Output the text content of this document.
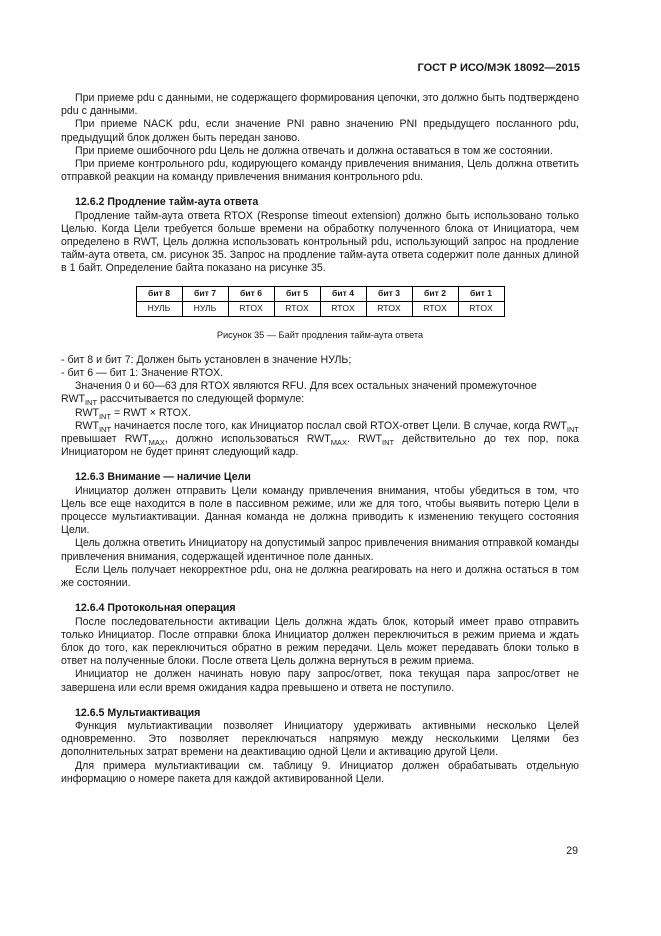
ГОСТ Р ИСО/МЭК 18092—2015

При приеме pdu с данными, не содержащего формирования цепочки, это должно быть подтверждено pdu с данными.

При приеме NACK pdu, если значение PNI равно значению PNI предыдущего посланного pdu, предыдущий блок должен быть передан заново.

При приеме ошибочного pdu Цель не должна отвечать и должна оставаться в том же состоянии.

При приеме контрольного pdu, кодирующего команду привлечения внимания, Цель должна ответить отправкой реакции на команду привлечения внимания контрольного pdu.

12.6.2 Продление тайм-аута ответа

Продление тайм-аута ответа RTOX (Response timeout extension) должно быть использовано только Целью. Когда Цели требуется больше времени на обработку полученного блока от Инициатора, чем определено в RWT, Цель должна использовать контрольный pdu, использующий запрос на продление тайм-аута ответа, см. рисунок 35. Запрос на продление тайм-аута ответа содержит поле данных длиной в 1 байт. Определение байта показано на рисунке 35.

бит 8	бит 7	бит 6	бит 5	бит 4	бит 3	бит 2	бит 1
НУЛЬ	НУЛЬ	RTOX	RTOX	RTOX	RTOX	RTOX	RTOX
Рисунок 35 — Байт продления тайм-аута ответа

- бит 8 и бит 7: Должен быть установлен в значение НУЛЬ;

- бит 6 — бит 1: Значение RTOX.

Значения 0 и 60—63 для RTOX являются RFU. Для всех остальных значений промежуточное

$RWT_{INT}$ рассчитывается по следующей формуле:

$RWT_{INT}$ = RWT × RTOX.

$RWT_{INT}$ начинается после того, как Инициатор послал свой RTOX-ответ Цели. В случае, когда $RWT_{INT}$ превышает $RWT_{MAX}$, должно использоваться $RWT_{MAX}$. $RWT_{INT}$ действительно до тех пор, пока Инициатором не будет принят следующий кадр.

12.6.3 Внимание — наличие Цели

Инициатор должен отправить Цели команду привлечения внимания, чтобы убедиться в том, что Цель все еще находится в поле в пассивном режиме, или же для того, чтобы выявить потерю Цели в процессе мультиактивации. Данная команда не должна приводить к изменению текущего состояния Цели.

Цель должна ответить Инициатору на допустимый запрос привлечения внимания отправкой команды привлечения внимания, содержащей идентичное поле данных.

Если Цель получает некорректное pdu, она не должна реагировать на него и должна остаться в том же состоянии.

12.6.4 Протокольная операция

После последовательности активации Цель должна ждать блок, который имеет право отправить только Инициатор. После отправки блока Инициатор должен переключиться в режим приема и ждать блок до того, как переключиться обратно в режим передачи. Цель может передавать блоки только в ответ на полученные блоки. После ответа Цель должна вернуться в режим приема.

Инициатор не должен начинать новую пару запрос/ответ, пока текущая пара запрос/ответ не завершена или если время ожидания кадра превышено и ответа не поступило.

12.6.5 Мультиактивация

Функция мультиактивации позволяет Инициатору удерживать активными несколько Целей одновременно. Это позволяет переключаться напрямую между несколькими Целями без дополнительных затрат времени на деактивацию одной Цели и активацию другой Цели.

Для примера мультиактивации см. таблицу 9. Инициатор должен обрабатывать отдельную информацию о номере пакета для каждой активированной Цели.

29
